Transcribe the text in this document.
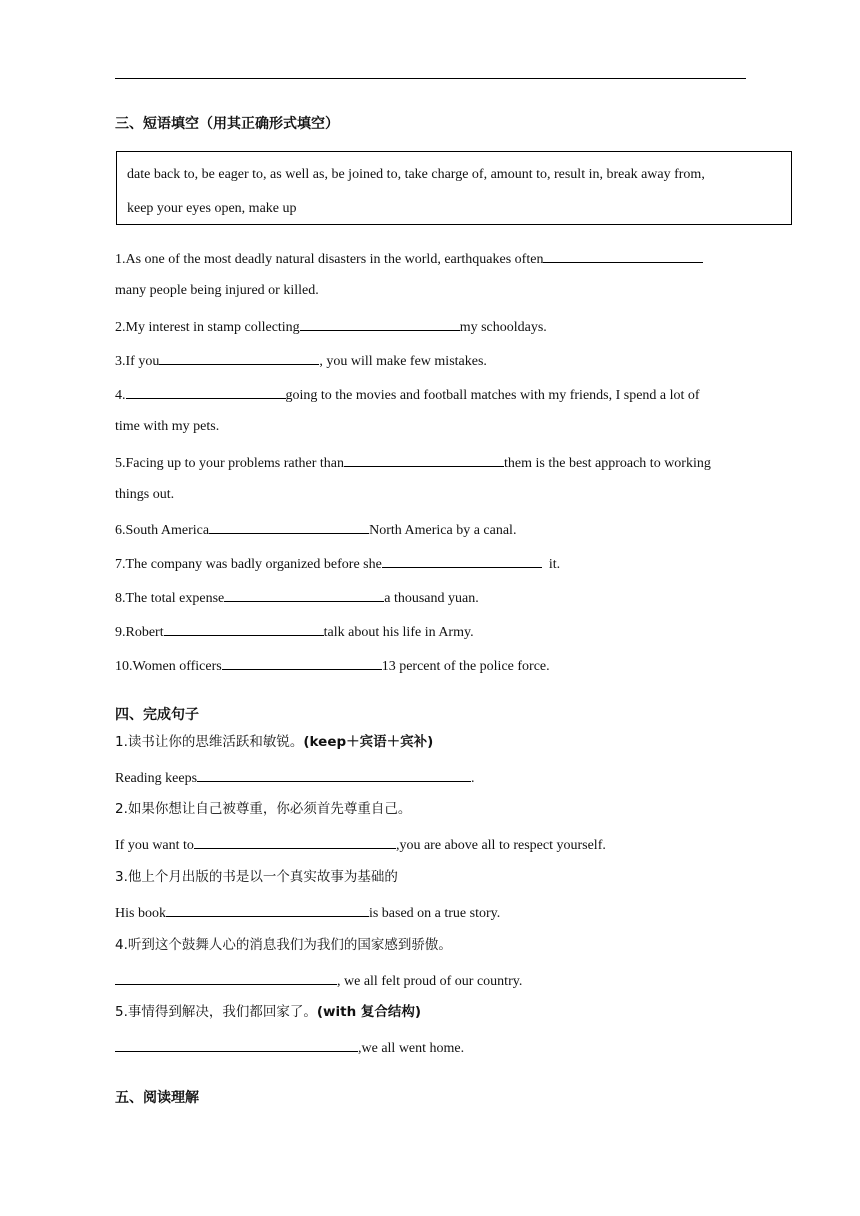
三、短语填空（用其正确形式填空）
date back to, be eager to, as well as, be joined to, take charge of, amount to, result in, break away from,
keep your eyes open, make up
1.As one of the most deadly natural disasters in the world, earthquakes often
many people being injured or killed.
2.My interest in stamp collecting	my schooldays.
3.If you	, you will make few mistakes.
4.	going to the movies and football matches with my friends, I spend a lot of
time with my pets.
5.Facing up to your problems rather than	them is the best approach to working
things out.
6.South America	North America by a canal.
7.The company was badly organized before she	it.
8.The total expense	a thousand yuan.
9.Robert	talk about his life in Army.
10.Women officers	13 percent of the police force.
四、完成句子
1.读书让你的思维活跃和敏锐。(keep＋宾语＋宾补)
Reading keeps	.
2.如果你想让自己被尊重，你必须首先尊重自己。
If you want to	,you are above all to respect yourself.
3.他上个月出版的书是以一个真实故事为基础的
His book	is based on a true story.
4.听到这个鼓舞人心的消息我们为我们的国家感到骄傲。
, we all felt proud of our country.
5.事情得到解决，我们都回家了。(with 复合结构)
,we all went home.
五、阅读理解
